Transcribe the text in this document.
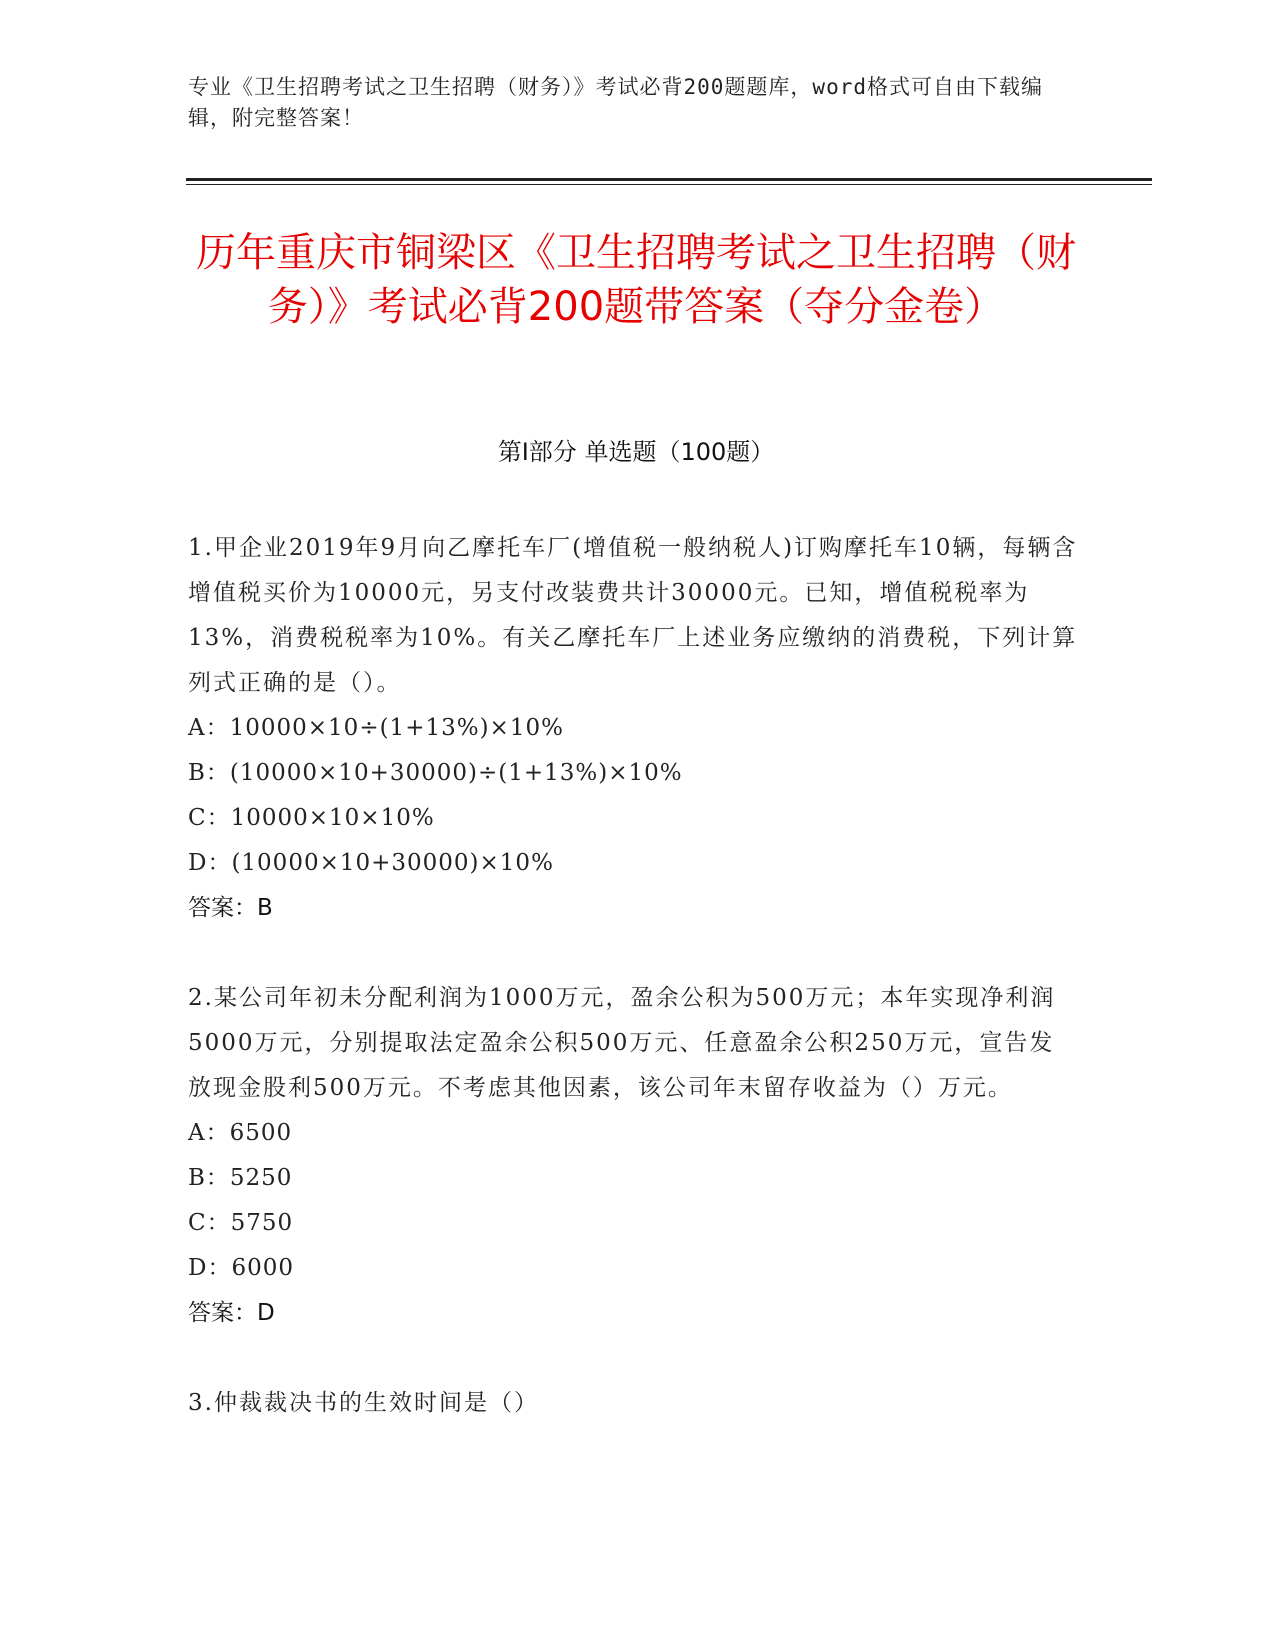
专业《卫生招聘考试之卫生招聘（财务）》考试必背200题题库，word格式可自由下载编辑，附完整答案！
历年重庆市铜梁区《卫生招聘考试之卫生招聘（财务）》考试必背200题带答案（夺分金卷）
第I部分 单选题（100题）

1.甲企业2019年9月向乙摩托车厂(增值税一般纳税人)订购摩托车10辆，每辆含增值税买价为10000元，另支付改装费共计30000元。已知，增值税税率为13%，消费税税率为10%。有关乙摩托车厂上述业务应缴纳的消费税，下列计算列式正确的是（）。

A：10000×10÷(1+13%)×10%

B：(10000×10+30000)÷(1+13%)×10%

C：10000×10×10%

D：(10000×10+30000)×10%

答案：B

2.某公司年初未分配利润为1000万元，盈余公积为500万元；本年实现净利润5000万元，分别提取法定盈余公积500万元、任意盈余公积250万元，宣告发放现金股利500万元。不考虑其他因素，该公司年末留存收益为（）万元。

A：6500

B：5250

C：5750

D：6000

答案：D

3.仲裁裁决书的生效时间是（）
